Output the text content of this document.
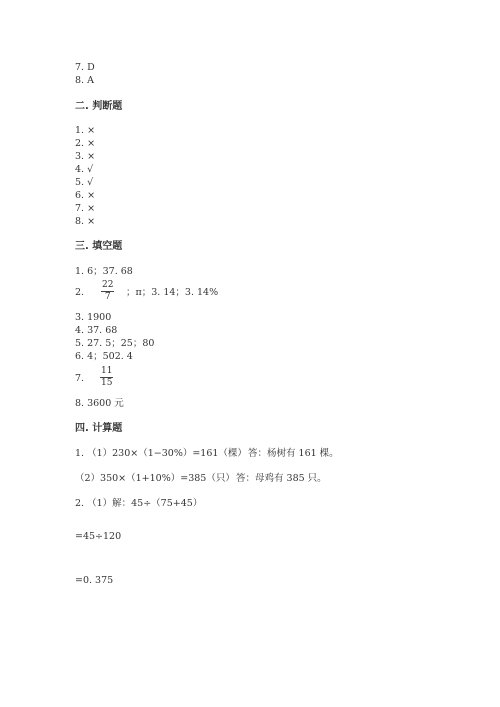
7. D
8. A
二. 判断题
1. ×
2. ×
3. ×
4. √
5. √
6. ×
7. ×
8. ×
三. 填空题
1. 6；37. 68
2.
22
7	；π；3. 14；3. 14%
3. 1900
4. 37. 68
5. 27. 5；25；80
6. 4；502. 4
7.
11
15
8. 3600 元
四. 计算题
1. （1）230×（1−30%）=161（棵） 答：杨树有 161 棵。
（2）350×（1+10%）=385（只） 答：母鸡有 385 只。
2. （1）解：45÷（75+45）
=45÷120
=0. 375
